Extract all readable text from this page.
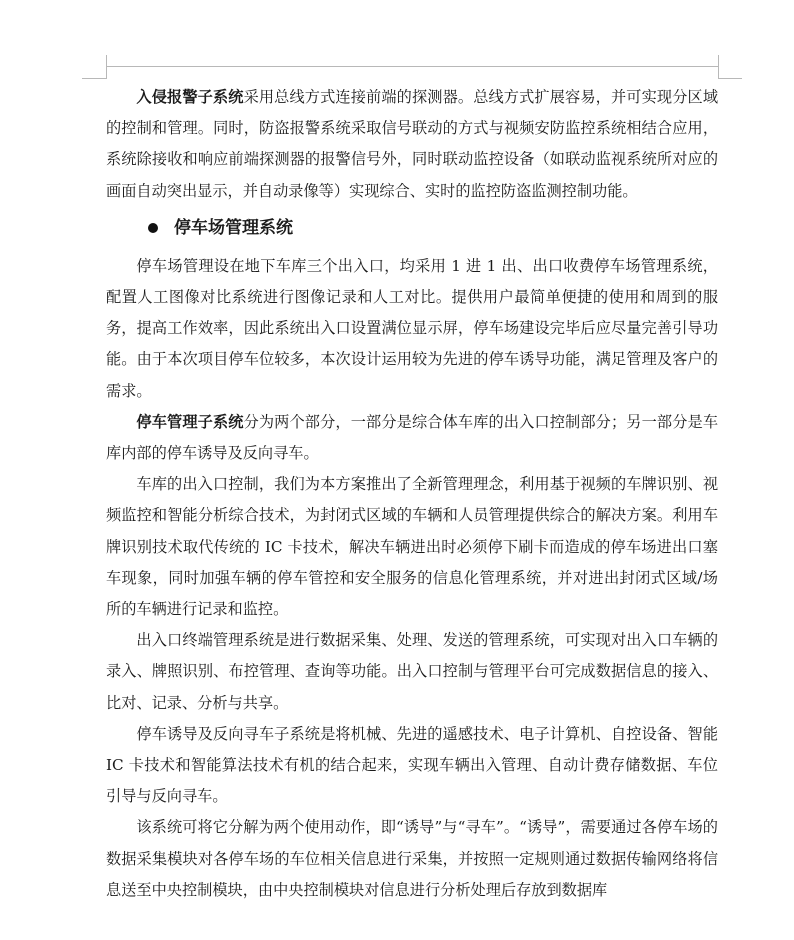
入侵报警子系统采用总线方式连接前端的探测器。总线方式扩展容易，并可实现分区域的控制和管理。同时，防盗报警系统采取信号联动的方式与视频安防监控系统相结合应用，系统除接收和响应前端探测器的报警信号外，同时联动监控设备（如联动监视系统所对应的画面自动突出显示，并自动录像等）实现综合、实时的监控防盗监测控制功能。

停车场管理系统

停车场管理设在地下车库三个出入口，均采用 1 进 1 出、出口收费停车场管理系统，配置人工图像对比系统进行图像记录和人工对比。提供用户最简单便捷的使用和周到的服务，提高工作效率，因此系统出入口设置满位显示屏，停车场建设完毕后应尽量完善引导功能。由于本次项目停车位较多，本次设计运用较为先进的停车诱导功能，满足管理及客户的需求。

停车管理子系统分为两个部分，一部分是综合体车库的出入口控制部分；另一部分是车库内部的停车诱导及反向寻车。

车库的出入口控制，我们为本方案推出了全新管理理念，利用基于视频的车牌识别、视频监控和智能分析综合技术，为封闭式区域的车辆和人员管理提供综合的解决方案。利用车牌识别技术取代传统的 IC 卡技术，解决车辆进出时必须停下刷卡而造成的停车场进出口塞车现象，同时加强车辆的停车管控和安全服务的信息化管理系统，并对进出封闭式区域/场所的车辆进行记录和监控。

出入口终端管理系统是进行数据采集、处理、发送的管理系统，可实现对出入口车辆的录入、牌照识别、布控管理、查询等功能。出入口控制与管理平台可完成数据信息的接入、比对、记录、分析与共享。

停车诱导及反向寻车子系统是将机械、先进的遥感技术、电子计算机、自控设备、智能 IC 卡技术和智能算法技术有机的结合起来，实现车辆出入管理、自动计费存储数据、车位引导与反向寻车。

该系统可将它分解为两个使用动作，即“诱导”与“寻车”。“诱导”，需要通过各停车场的数据采集模块对各停车场的车位相关信息进行采集，并按照一定规则通过数据传输网络将信息送至中央控制模块，由中央控制模块对信息进行分析处理后存放到数据库
